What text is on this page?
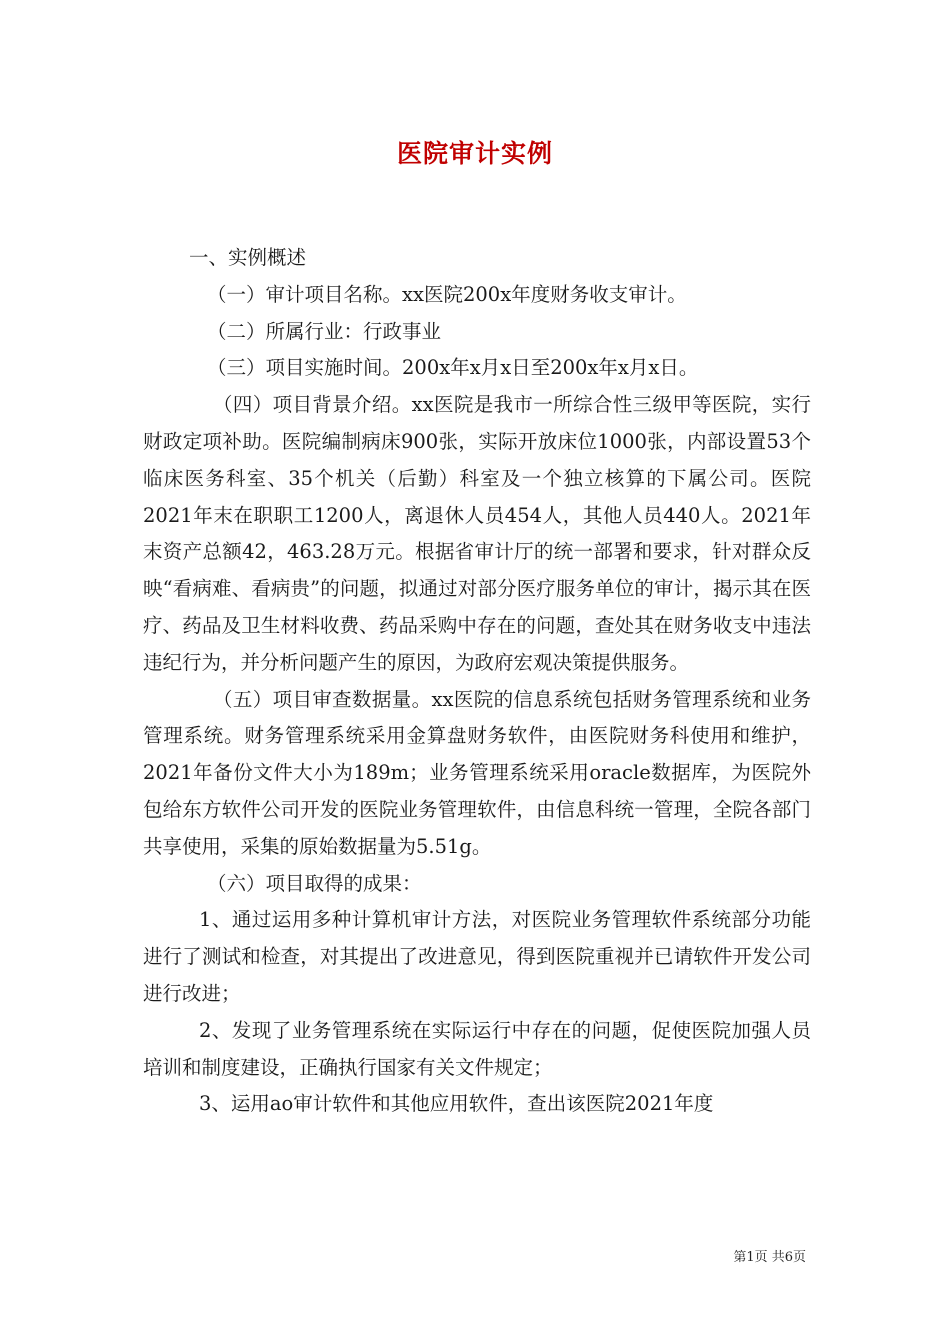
医院审计实例

一、实例概述

（一）审计项目名称。xx医院200x年度财务收支审计。

（二）所属行业：行政事业

（三）项目实施时间。200x年x月x日至200x年x月x日。

（四）项目背景介绍。xx医院是我市一所综合性三级甲等医院，实行财政定项补助。医院编制病床900张，实际开放床位1000张，内部设置53个临床医务科室、35个机关（后勤）科室及一个独立核算的下属公司。医院2021年末在职职工1200人，离退休人员454人，其他人员440人。2021年末资产总额42，463.28万元。根据省审计厅的统一部署和要求，针对群众反映“看病难、看病贵”的问题，拟通过对部分医疗服务单位的审计，揭示其在医疗、药品及卫生材料收费、药品采购中存在的问题，查处其在财务收支中违法违纪行为，并分析问题产生的原因，为政府宏观决策提供服务。

（五）项目审查数据量。xx医院的信息系统包括财务管理系统和业务管理系统。财务管理系统采用金算盘财务软件，由医院财务科使用和维护，2021年备份文件大小为189m；业务管理系统采用oracle数据库，为医院外包给东方软件公司开发的医院业务管理软件，由信息科统一管理，全院各部门共享使用，采集的原始数据量为5.51g。

（六）项目取得的成果：

1、通过运用多种计算机审计方法，对医院业务管理软件系统部分功能进行了测试和检查，对其提出了改进意见，得到医院重视并已请软件开发公司进行改进；

2、发现了业务管理系统在实际运行中存在的问题，促使医院加强人员培训和制度建设，正确执行国家有关文件规定；

3、运用ao审计软件和其他应用软件，查出该医院2021年度

第1页 共6页
